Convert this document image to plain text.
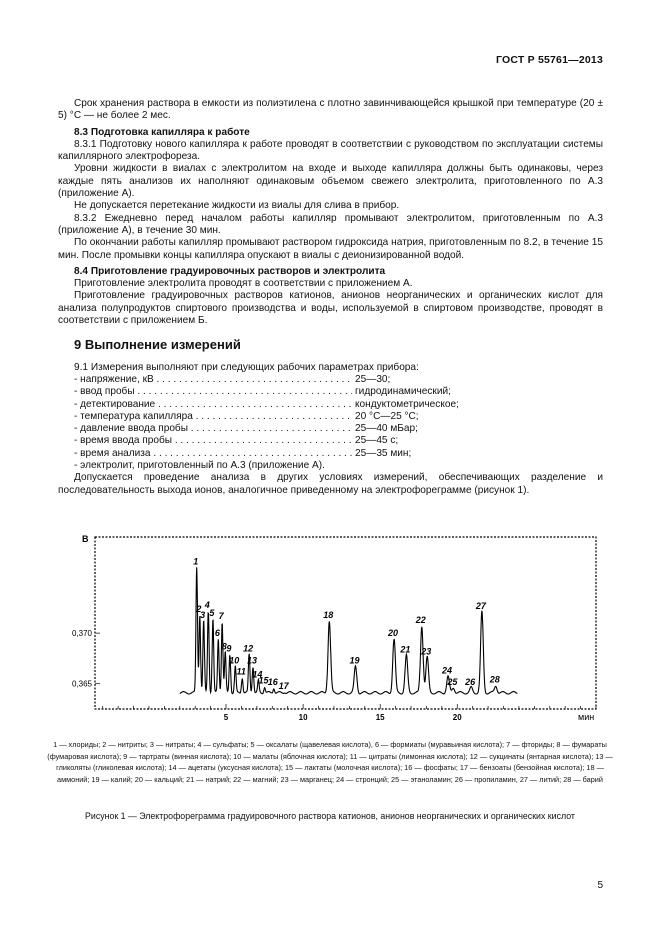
ГОСТ Р 55761—2013

Срок хранения раствора в емкости из полиэтилена с плотно завинчивающейся крышкой при температуре (20 ± 5) °С — не более 2 мес.

8.3 Подготовка капилляра к работе

8.3.1 Подготовку нового капилляра к работе проводят в соответствии с руководством по эксплуатации системы капиллярного электрофореза.

Уровни жидкости в виалах с электролитом на входе и выходе капилляра должны быть одинаковы, через каждые пять анализов их наполняют одинаковым объемом свежего электролита, приготовленного по А.3 (приложение А).

Не допускается перетекание жидкости из виалы для слива в прибор.

8.3.2 Ежедневно перед началом работы капилляр промывают электролитом, приготовленным по А.3 (приложение А), в течение 30 мин.

По окончании работы капилляр промывают раствором гидроксида натрия, приготовленным по 8.2, в течение 15 мин. После промывки концы капилляра опускают в виалы с деионизированной водой.

8.4 Приготовление градуировочных растворов и электролита

Приготовление электролита проводят в соответствии с приложением А.

Приготовление градуировочных растворов катионов, анионов неорганических и органических кислот для анализа полупродуктов спиртового производства и воды, используемой в спиртовом производстве, проводят в соответствии с приложением Б.

9 Выполнение измерений

9.1 Измерения выполняют при следующих рабочих параметрах прибора:

- напряжение, кВ . . .	25—30;
- ввод пробы . . .	гидродинамический;
- детектирование . . .	кондуктометрическое;
- температура капилляра . . .	20 °С—25 °С;
- давление ввода пробы . . .	25—40 мБар;
- время ввода пробы . . .	25—45 с;
- время анализа . . .	25—35 мин;

- электролит, приготовленный по А.3 (приложение А).

Допускается проведение анализа в других условиях измерений, обеспечивающих разделение и последовательность выхода ионов, аналогичное приведенному на электрофореграмме (рисунок 1).

5	10	15	20
0,365
0,370
1
2
3
4
5
6
7
8 9
10
11
12
13
14
15 16 17
18
19
20
21
22
23
24
25 26
27
28
В
мин
1 — хлориды; 2 — нитриты; 3 — нитраты; 4 — сульфаты; 5 — оксалаты (щавелевая кислота), 6 — формиаты (муравьиная кислота); 7 — фториды; 8 — фумараты (фумаровая кислота); 9 — тартраты (винная кислота); 10 — малаты (яблочная кислота); 11 — цитраты (лимонная кислота); 12 — сукцинаты (янтарная кислота); 13 — гликоляты (гликолевая кислота); 14 — ацетаты (уксусная кислота); 15 — лактаты (молочная кислота); 16 — фосфаты; 17 — бензоаты (бензойная кислота); 18 — аммоний; 19 — калий; 20 — кальций; 21 — натрий; 22 — магний; 23 — марганец; 24 — стронций; 25 — этаноламин; 26 — пропиламин, 27 — литий; 28 — барий
Рисунок 1 — Электрофореграмма градуировочного раствора катионов, анионов неорганических и органических кислот
5
